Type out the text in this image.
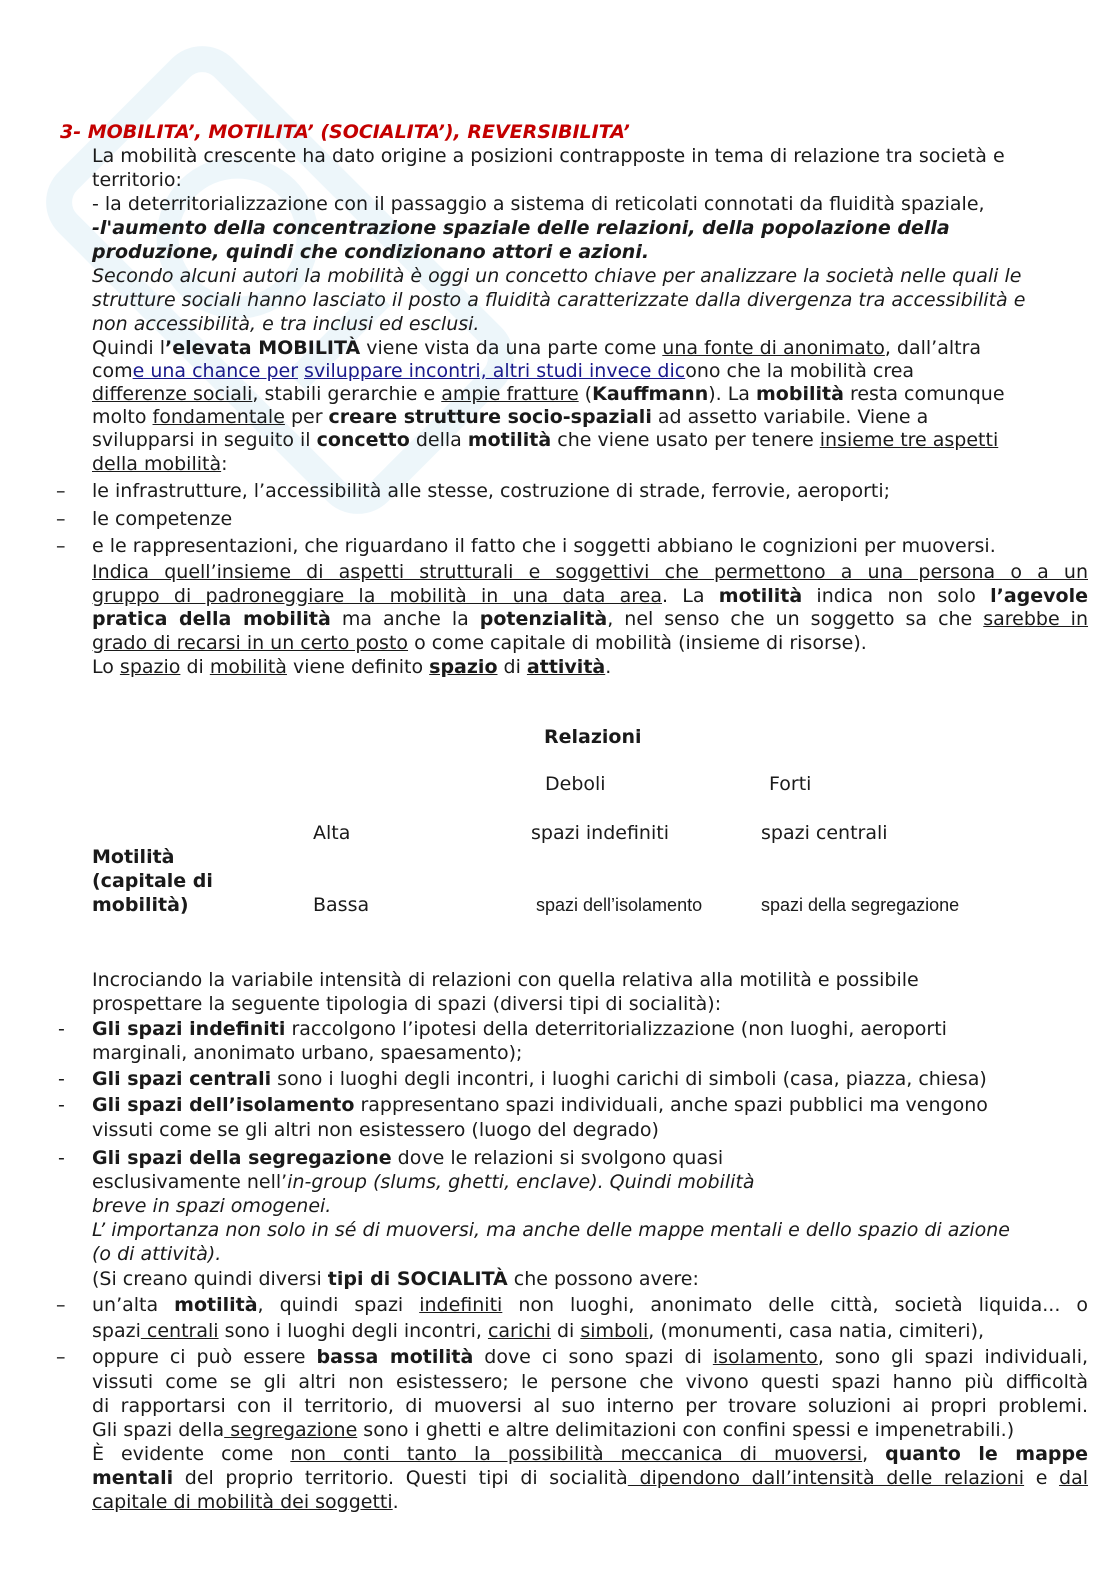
3- MOBILITA’, MOTILITA’ (SOCIALITA’), REVERSIBILITA’
La mobilità crescente ha dato origine a posizioni contrapposte in tema di relazione tra società e
territorio:
- la deterritorializzazione con il passaggio a sistema di reticolati connotati da fluidità spaziale,
-l'aumento della concentrazione spaziale delle relazioni, della popolazione della
produzione, quindi che condizionano attori e azioni.
Secondo alcuni autori la mobilità è oggi un concetto chiave per analizzare la società nelle quali le
strutture sociali hanno lasciato il posto a fluidità caratterizzate dalla divergenza tra accessibilità e
non accessibilità, e tra inclusi ed esclusi.
Quindi l’elevata MOBILITÀ viene vista da una parte come una fonte di anonimato, dall’altra
come una chance per sviluppare incontri, altri studi invece dicono che la mobilità crea
differenze sociali, stabili gerarchie e ampie fratture (Kauffmann). La mobilità resta comunque
molto fondamentale per creare strutture socio-spaziali ad assetto variabile. Viene a
svilupparsi in seguito il concetto della motilità che viene usato per tenere insieme tre aspetti
della mobilità:
– le infrastrutture, l’accessibilità alle stesse, costruzione di strade, ferrovie, aeroporti;
– le competenze
– e le rappresentazioni, che riguardano il fatto che i soggetti abbiano le cognizioni per muoversi.
Indica quell’insieme di aspetti strutturali e soggettivi che permettono a una persona o a un
gruppo di padroneggiare la mobilità in una data area. La motilità indica non solo l’agevole
pratica della mobilità ma anche la potenzialità, nel senso che un soggetto sa che sarebbe in
grado di recarsi in un certo posto o come capitale di mobilità (insieme di risorse).
Lo spazio di mobilità viene definito spazio di attività.
Relazioni
Deboli	Forti
Alta	spazi indefiniti	spazi centrali
Motilità
(capitale di
mobilità)	Bassa	spazi dell’isolamento	spazi della segregazione
Incrociando la variabile intensità di relazioni con quella relativa alla motilità e possibile
prospettare la seguente tipologia di spazi (diversi tipi di socialità):
- Gli spazi indefiniti raccolgono l’ipotesi della deterritorializzazione (non luoghi, aeroporti
marginali, anonimato urbano, spaesamento);
- Gli spazi centrali sono i luoghi degli incontri, i luoghi carichi di simboli (casa, piazza, chiesa)
- Gli spazi dell’isolamento rappresentano spazi individuali, anche spazi pubblici ma vengono
vissuti come se gli altri non esistessero (luogo del degrado)
- Gli spazi della segregazione dove le relazioni si svolgono quasi
esclusivamente nell’in-group (slums, ghetti, enclave). Quindi mobilità
breve in spazi omogenei.
L’ importanza non solo in sé di muoversi, ma anche delle mappe mentali e dello spazio di azione
(o di attività).
(Si creano quindi diversi tipi di SOCIALITÀ che possono avere:
– un’alta motilità, quindi spazi indefiniti non luoghi, anonimato delle città, società liquida... o
spazi centrali sono i luoghi degli incontri, carichi di simboli, (monumenti, casa natia, cimiteri),
– oppure ci può essere bassa motilità dove ci sono spazi di isolamento, sono gli spazi individuali,
vissuti come se gli altri non esistessero; le persone che vivono questi spazi hanno più difficoltà
di rapportarsi con il territorio, di muoversi al suo interno per trovare soluzioni ai propri problemi.
Gli spazi della segregazione sono i ghetti e altre delimitazioni con confini spessi e impenetrabili.)
È evidente come non conti tanto la possibilità meccanica di muoversi, quanto le mappe
mentali del proprio territorio. Questi tipi di socialità dipendono dall’intensità delle relazioni e dal
capitale di mobilità dei soggetti.
